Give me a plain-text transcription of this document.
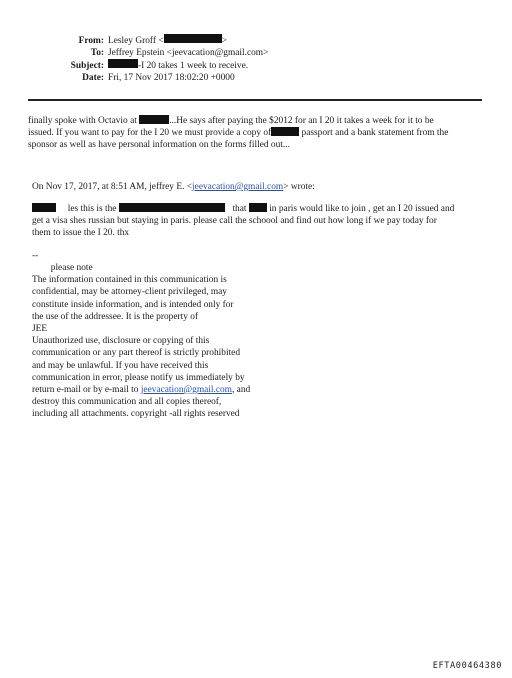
From: Lesley Groff <	>
To: Jeffrey Epstein <jeevacation@gmail.com>
Subject:	-I 20 takes 1 week to receive.
Date: Fri, 17 Nov 2017 18:02:20 +0000
finally spoke with Octavio at	...He says after paying the $2012 for an I 20 it takes a week for it to be
issued. If you want to pay for the I 20 we must provide a copy of	passport and a bank statement from the
sponsor as well as have personal information on the forms filled out...
On Nov 17, 2017, at 8:51 AM, jeffrey E. <jeevacation@gmail.com> wrote:
les this is the	that in paris would like to join , get an I 20 issued and
get a visa shes russian but staying in paris. please call the schoool and find out how long if we pay today for
them to issue the I 20. thx
--
please note
The information contained in this communication is
confidential, may be attorney-client privileged, may
constitute inside information, and is intended only for
the use of the addressee. It is the property of
JEE
Unauthorized use, disclosure or copying of this
communication or any part thereof is strictly prohibited
and may be unlawful. If you have received this
communication in error, please notify us immediately by
return e-mail or by e-mail to jeevacation@gmail.com, and
destroy this communication and all copies thereof,
including all attachments. copyright -all rights reserved
EFTA00464380
